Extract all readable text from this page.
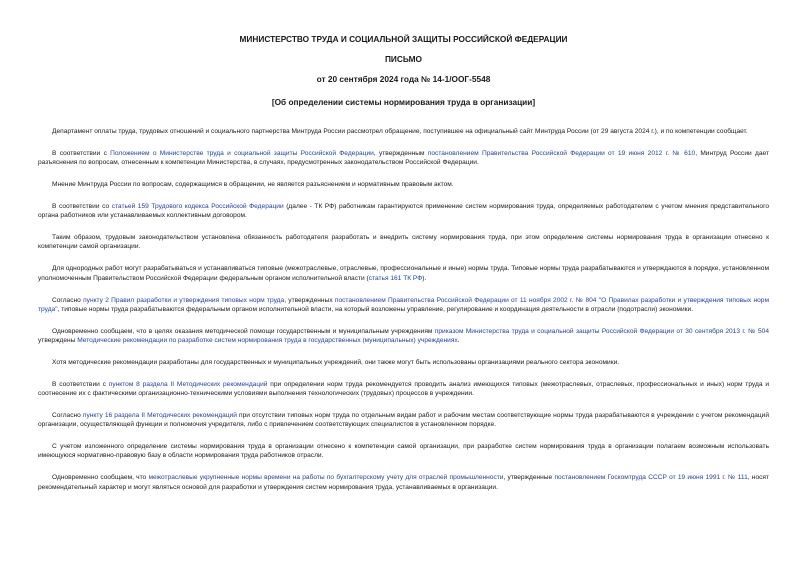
МИНИСТЕРСТВО ТРУДА И СОЦИАЛЬНОЙ ЗАЩИТЫ РОССИЙСКОЙ ФЕДЕРАЦИИ
ПИСЬМО
от 20 сентября 2024 года № 14-1/ООГ-5548
[Об определении системы нормирования труда в организации]

Департамент оплаты труда, трудовых отношений и социального партнерства Минтруда России рассмотрел обращение, поступившее на официальный сайт Минтруда России (от 29 августа 2024 г.), и по компетенции сообщает.

В соответствии с Положением о Министерстве труда и социальной защиты Российской Федерации, утвержденным постановлением Правительства Российской Федерации от 19 июня 2012 г. № 610, Минтруд России дает разъяснения по вопросам, отнесенным к компетенции Министерства, в случаях, предусмотренных законодательством Российской Федерации.

Мнение Минтруда России по вопросам, содержащимся в обращении, не является разъяснением и нормативным правовым актом.

В соответствии со статьей 159 Трудового кодекса Российской Федерации (далее - ТК РФ) работникам гарантируются применение систем нормирования труда, определяемых работодателем с учетом мнения представительного органа работников или устанавливаемых коллективным договором.

Таким образом, трудовым законодательством установлена обязанность работодателя разработать и внедрить систему нормирования труда, при этом определение системы нормирования труда в организации отнесено к компетенции самой организации.

Для однородных работ могут разрабатываться и устанавливаться типовые (межотраслевые, отраслевые, профессиональные и иные) нормы труда. Типовые нормы труда разрабатываются и утверждаются в порядке, установленном уполномоченным Правительством Российской Федерации федеральным органом исполнительной власти (статья 161 ТК РФ).

Согласно пункту 2 Правил разработки и утверждения типовых норм труда, утвержденных постановлением Правительства Российской Федерации от 11 ноября 2002 г. № 804 "О Правилах разработки и утверждения типовых норм труда", типовые нормы труда разрабатываются федеральным органом исполнительной власти, на который возложены управление, регулирование и координация деятельности в отрасли (подотрасли) экономики.

Одновременно сообщаем, что в целях оказания методической помощи государственным и муниципальным учреждениям приказом Министерства труда и социальной защиты Российской Федерации от 30 сентября 2013 г. № 504 утверждены Методические рекомендации по разработке систем нормирования труда в государственных (муниципальных) учреждениях.

Хотя методические рекомендации разработаны для государственных и муниципальных учреждений, они также могут быть использованы организациями реального сектора экономики.

В соответствии с пунктом 8 раздела II Методических рекомендаций при определении норм труда рекомендуется проводить анализ имеющихся типовых (межотраслевых, отраслевых, профессиональных и иных) норм труда и соотнесение их с фактическими организационно-техническими условиями выполнения технологических (трудовых) процессов в учреждении.

Согласно пункту 16 раздела II Методических рекомендаций при отсутствии типовых норм труда по отдельным видам работ и рабочим местам соответствующие нормы труда разрабатываются в учреждении с учетом рекомендаций организации, осуществляющей функции и полномочия учредителя, либо с привлечением соответствующих специалистов в установленном порядке.

С учетом изложенного определение системы нормирования труда в организации отнесено к компетенции самой организации, при разработке систем нормирования труда в организации полагаем возможным использовать имеющуюся нормативно-правовую базу в области нормирования труда работников отрасли.

Одновременно сообщаем, что межотраслевые укрупненные нормы времени на работы по бухгалтерскому учету для отраслей промышленности, утвержденные постановлением Госкомтруда СССР от 19 июня 1991 г. № 111, носят рекомендательный характер и могут являться основой для разработки и утверждения систем нормирования труда, устанавливаемых в организации.
